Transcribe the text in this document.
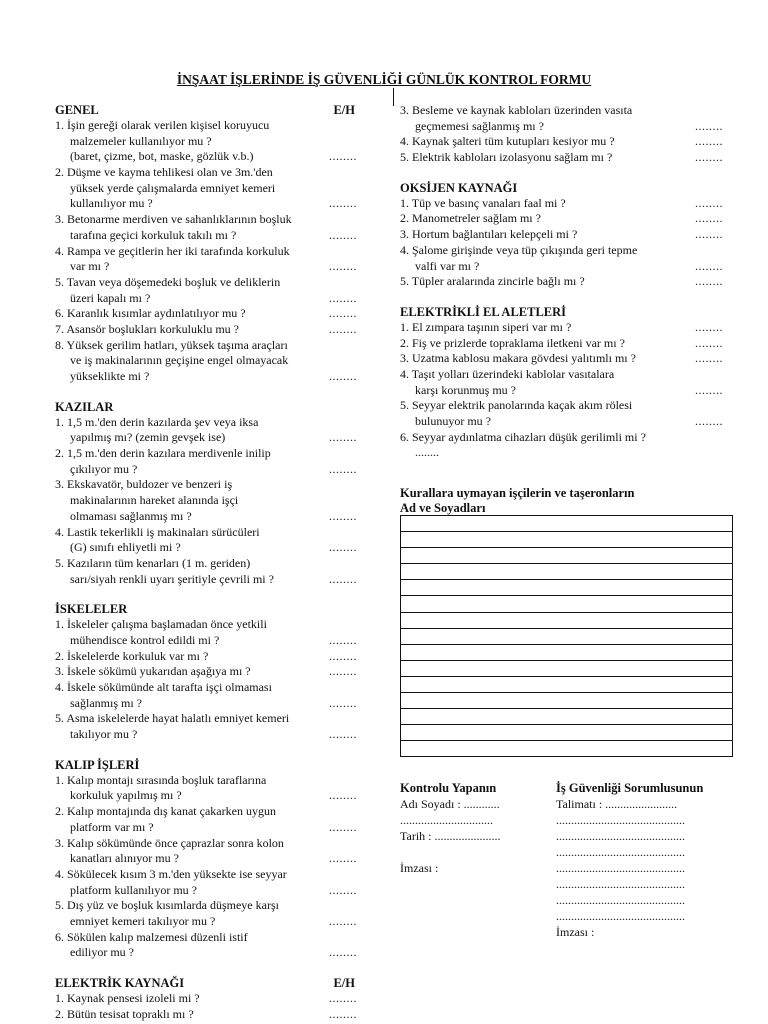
İNŞAAT İŞLERİNDE İŞ GÜVENLİĞİ GÜNLÜK KONTROL FORMU
GENEL	E/H
1. İşin gereği olarak verilen kişisel koruyucu
malzemeler kullanılıyor mu ?
(baret, çizme, bot, maske, gözlük v.b.)	........
2. Düşme ve kayma tehlikesi olan ve 3m.'den
yüksek yerde çalışmalarda emniyet kemeri
kullanılıyor mu ?	........
3. Betonarme merdiven ve sahanlıklarının boşluk
tarafına geçici korkuluk takılı mı ?	........
4. Rampa ve geçitlerin her iki tarafında korkuluk
var mı ?	........
5. Tavan veya döşemedeki boşluk ve deliklerin
üzeri kapalı mı ?	........
6. Karanlık kısımlar aydınlatılıyor mu ?	........
7. Asansör boşlukları korkuluklu mu ?	........
8. Yüksek gerilim hatları, yüksek taşıma araçları
ve iş makinalarının geçişine engel olmayacak
yükseklikte mi ?	........
KAZILAR
1. 1,5 m.'den derin kazılarda şev veya iksa
yapılmış mı? (zemin gevşek ise)	........
2. 1,5 m.'den derin kazılara merdivenle inilip
çıkılıyor mu ?	........
3. Ekskavatör, buldozer ve benzeri iş
makinalarının hareket alanında işçi
olmaması sağlanmış mı ?	........
4. Lastik tekerlikli iş makinaları sürücüleri
(G) sınıfı ehliyetli mi ?	........
5. Kazıların tüm kenarları (1 m. geriden)
sarı/siyah renkli uyarı şeritiyle çevrili mi ?	........
İSKELELER
1. İskeleler çalışma başlamadan önce yetkili
mühendisce kontrol edildi mi ?	........
2. İskelelerde korkuluk var mı ?	........
3. İskele sökümü yukarıdan aşağıya mı ?	........
4. İskele sökümünde alt tarafta işçi olmaması
sağlanmış mı ?	........
5. Asma iskelelerde hayat halatlı emniyet kemeri
takılıyor mu ?	........
KALIP İŞLERİ
1. Kalıp montajı sırasında boşluk taraflarına
korkuluk yapılmış mı ?	........
2. Kalıp montajında dış kanat çakarken uygun
platform var mı ?	........
3. Kalıp sökümünde önce çaprazlar sonra kolon
kanatları alınıyor mu ?	........
4. Sökülecek kısım 3 m.'den yüksekte ise seyyar
platform kullanılıyor mu ?	........
5. Dış yüz ve boşluk kısımlarda düşmeye karşı
emniyet kemeri takılıyor mu ?	........
6. Sökülen kalıp malzemesi düzenli istif
ediliyor mu ?	........
ELEKTRİK KAYNAĞI	E/H
1. Kaynak pensesi izoleli mi ?	........
2. Bütün tesisat topraklı mı ?	........
3. Besleme ve kaynak kabloları üzerinden vasıta
geçmemesi sağlanmış mı ?	........
4. Kaynak şalteri tüm kutupları kesiyor mu ?	........
5. Elektrik kabloları izolasyonu sağlam mı ?	........
OKSİJEN KAYNAĞI
1. Tüp ve basınç vanaları faal mi ?	........
2. Manometreler sağlam mı ?	........
3. Hortum bağlantıları kelepçeli mi ?	........
4. Şalome girişinde veya tüp çıkışında geri tepme
valfi var mı ?	........
5. Tüpler aralarında zincirle bağlı mı ?	........
ELEKTRİKLİ EL ALETLERİ
1. El zımpara taşının siperi var mı ?	........
2. Fiş ve prizlerde topraklama iletkeni var mı ?	........
3. Uzatma kablosu makara gövdesi yalıtımlı mı ?	........
4. Taşıt yolları üzerindeki kablolar vasıtalara
karşı korunmuş mu ?	........
5. Seyyar elektrik panolarında kaçak akım rölesi
bulunuyor mu ?	........
6. Seyyar aydınlatma cihazları düşük gerilimli mi ?
........
Kurallara uymayan işçilerin ve taşeronların
Ad ve Soyadları

Kontrolu Yapanın
Adı Soyadı : ............
...............................
Tarih : ......................
İmzası :
İş Güvenliği Sorumlusunun
Talimatı : ........................
...........................................
...........................................
...........................................
...........................................
...........................................
...........................................
...........................................
İmzası :
